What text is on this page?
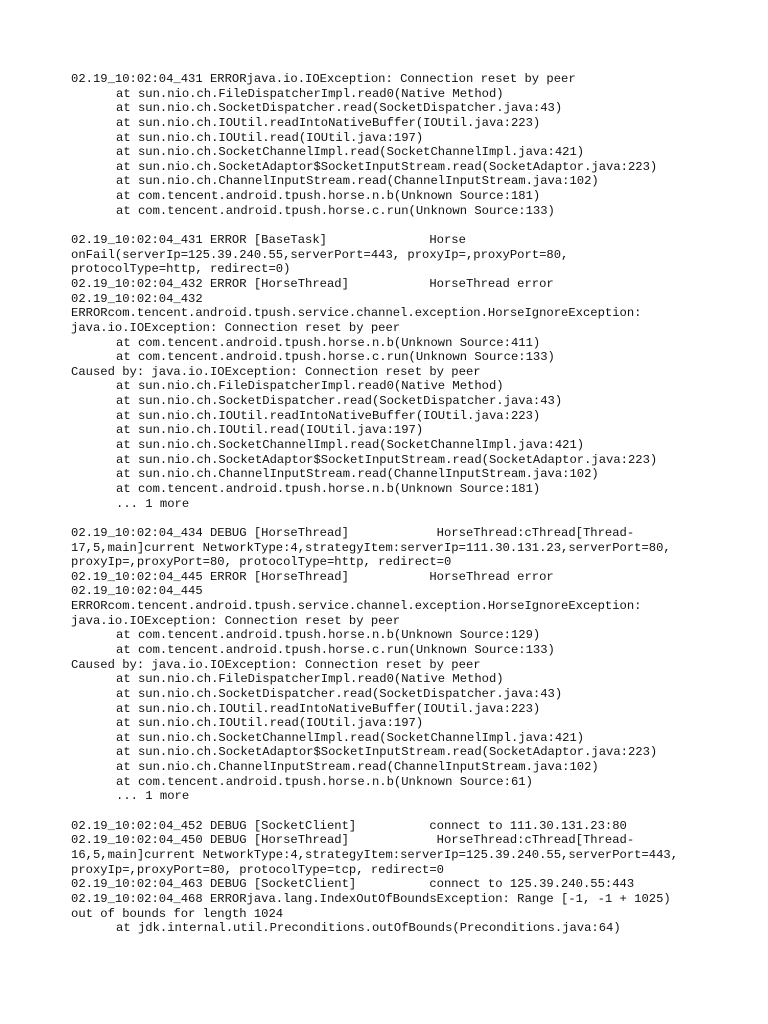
02.19_10:02:04_431 ERRORjava.io.IOException: Connection reset by peer
at sun.nio.ch.FileDispatcherImpl.read0(Native Method)
at sun.nio.ch.SocketDispatcher.read(SocketDispatcher.java:43)
at sun.nio.ch.IOUtil.readIntoNativeBuffer(IOUtil.java:223)
at sun.nio.ch.IOUtil.read(IOUtil.java:197)
at sun.nio.ch.SocketChannelImpl.read(SocketChannelImpl.java:421)
at sun.nio.ch.SocketAdaptor$SocketInputStream.read(SocketAdaptor.java:223)
at sun.nio.ch.ChannelInputStream.read(ChannelInputStream.java:102)
at com.tencent.android.tpush.horse.n.b(Unknown Source:181)
at com.tencent.android.tpush.horse.c.run(Unknown Source:133)
02.19_10:02:04_431 ERROR [BaseTask]              Horse
onFail(serverIp=125.39.240.55,serverPort=443, proxyIp=,proxyPort=80,
protocolType=http, redirect=0)
02.19_10:02:04_432 ERROR [HorseThread]           HorseThread error
02.19_10:02:04_432
ERRORcom.tencent.android.tpush.service.channel.exception.HorseIgnoreException:
java.io.IOException: Connection reset by peer
at com.tencent.android.tpush.horse.n.b(Unknown Source:411)
at com.tencent.android.tpush.horse.c.run(Unknown Source:133)
Caused by: java.io.IOException: Connection reset by peer
at sun.nio.ch.FileDispatcherImpl.read0(Native Method)
at sun.nio.ch.SocketDispatcher.read(SocketDispatcher.java:43)
at sun.nio.ch.IOUtil.readIntoNativeBuffer(IOUtil.java:223)
at sun.nio.ch.IOUtil.read(IOUtil.java:197)
at sun.nio.ch.SocketChannelImpl.read(SocketChannelImpl.java:421)
at sun.nio.ch.SocketAdaptor$SocketInputStream.read(SocketAdaptor.java:223)
at sun.nio.ch.ChannelInputStream.read(ChannelInputStream.java:102)
at com.tencent.android.tpush.horse.n.b(Unknown Source:181)
... 1 more
02.19_10:02:04_434 DEBUG [HorseThread]            HorseThread:cThread[Thread-
17,5,main]current NetworkType:4,strategyItem:serverIp=111.30.131.23,serverPort=80,
proxyIp=,proxyPort=80, protocolType=http, redirect=0
02.19_10:02:04_445 ERROR [HorseThread]           HorseThread error
02.19_10:02:04_445
ERRORcom.tencent.android.tpush.service.channel.exception.HorseIgnoreException:
java.io.IOException: Connection reset by peer
at com.tencent.android.tpush.horse.n.b(Unknown Source:129)
at com.tencent.android.tpush.horse.c.run(Unknown Source:133)
Caused by: java.io.IOException: Connection reset by peer
at sun.nio.ch.FileDispatcherImpl.read0(Native Method)
at sun.nio.ch.SocketDispatcher.read(SocketDispatcher.java:43)
at sun.nio.ch.IOUtil.readIntoNativeBuffer(IOUtil.java:223)
at sun.nio.ch.IOUtil.read(IOUtil.java:197)
at sun.nio.ch.SocketChannelImpl.read(SocketChannelImpl.java:421)
at sun.nio.ch.SocketAdaptor$SocketInputStream.read(SocketAdaptor.java:223)
at sun.nio.ch.ChannelInputStream.read(ChannelInputStream.java:102)
at com.tencent.android.tpush.horse.n.b(Unknown Source:61)
... 1 more
02.19_10:02:04_452 DEBUG [SocketClient]          connect to 111.30.131.23:80
02.19_10:02:04_450 DEBUG [HorseThread]            HorseThread:cThread[Thread-
16,5,main]current NetworkType:4,strategyItem:serverIp=125.39.240.55,serverPort=443,
proxyIp=,proxyPort=80, protocolType=tcp, redirect=0
02.19_10:02:04_463 DEBUG [SocketClient]          connect to 125.39.240.55:443
02.19_10:02:04_468 ERRORjava.lang.IndexOutOfBoundsException: Range [-1, -1 + 1025)
out of bounds for length 1024
at jdk.internal.util.Preconditions.outOfBounds(Preconditions.java:64)
